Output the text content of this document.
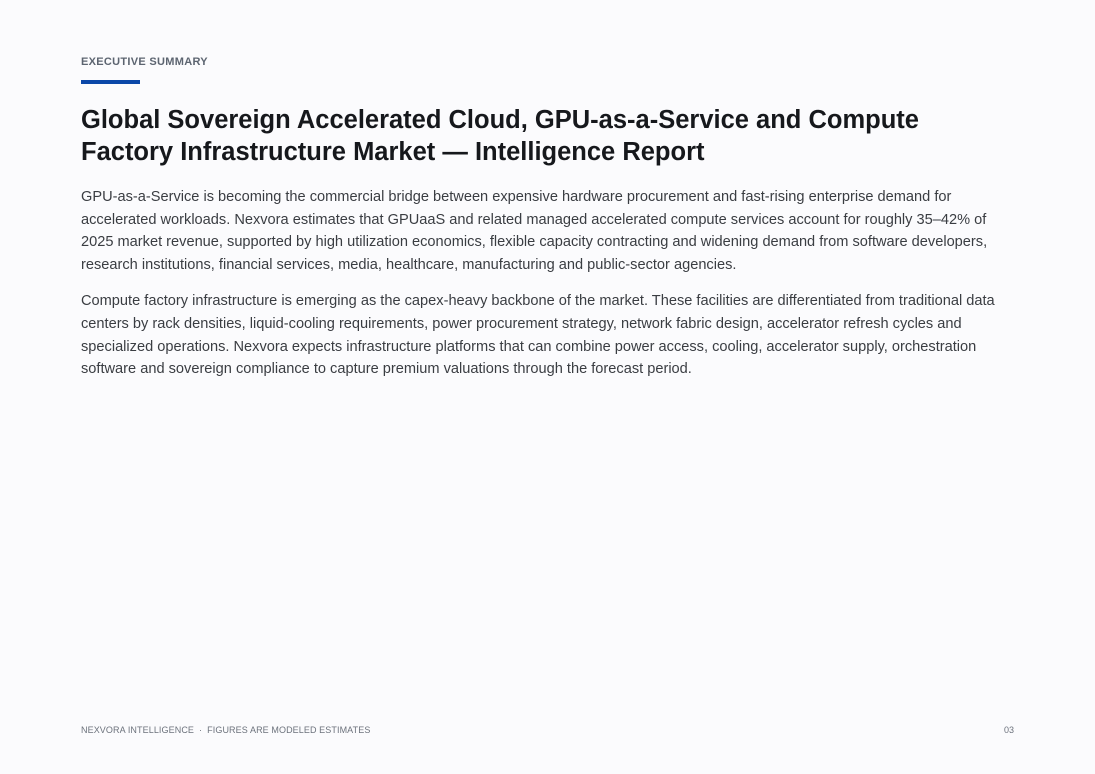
EXECUTIVE SUMMARY
Global Sovereign Accelerated Cloud, GPU-as-a-Service and Compute Factory Infrastructure Market — Intelligence Report

GPU-as-a-Service is becoming the commercial bridge between expensive hardware procurement and fast-rising enterprise demand for accelerated workloads. Nexvora estimates that GPUaaS and related managed accelerated compute services account for roughly 35–42% of 2025 market revenue, supported by high utilization economics, flexible capacity contracting and widening demand from software developers, research institutions, financial services, media, healthcare, manufacturing and public-sector agencies.

Compute factory infrastructure is emerging as the capex-heavy backbone of the market. These facilities are differentiated from traditional data centers by rack densities, liquid-cooling requirements, power procurement strategy, network fabric design, accelerator refresh cycles and specialized operations. Nexvora expects infrastructure platforms that can combine power access, cooling, accelerator supply, orchestration software and sovereign compliance to capture premium valuations through the forecast period.

NEXVORA INTELLIGENCE · FIGURES ARE MODELED ESTIMATES	03
